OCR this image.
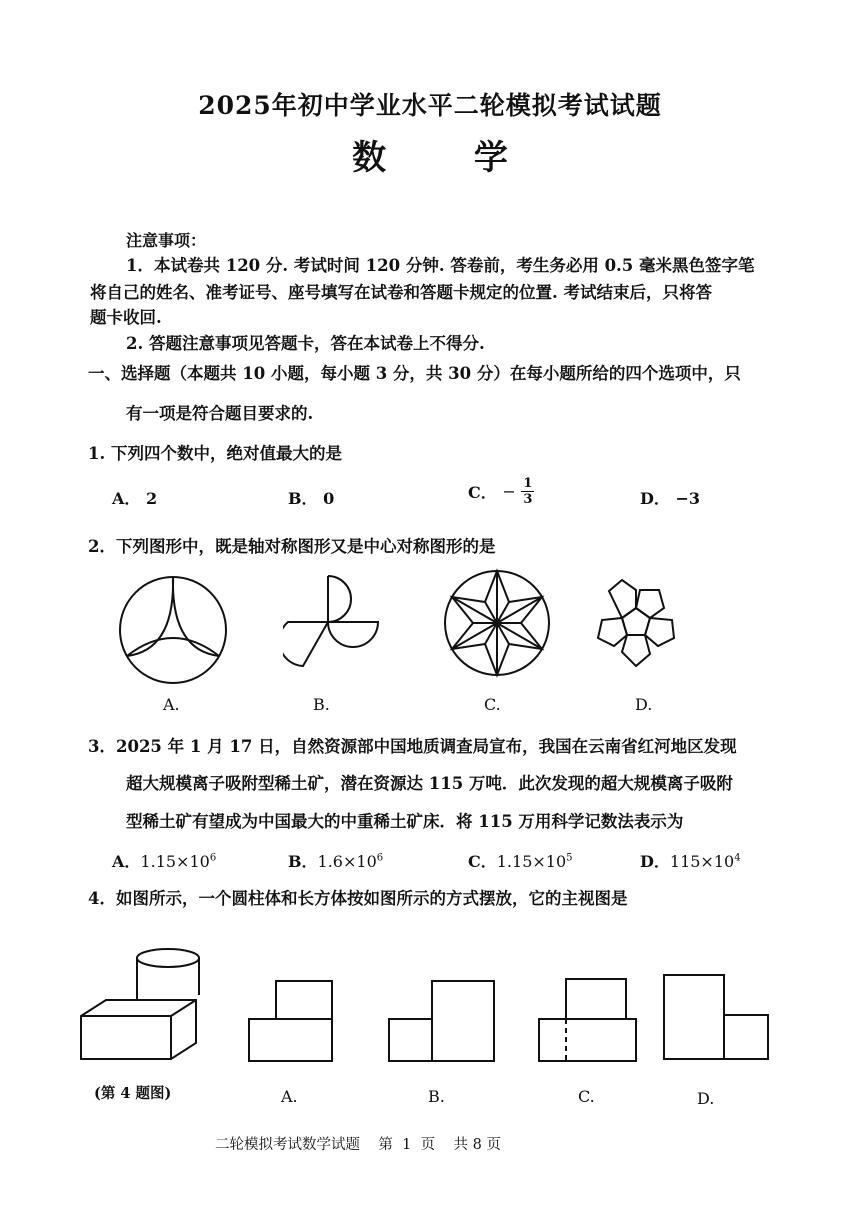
2025年初中学业水平二轮模拟考试试题
数 学
注意事项：
1．本试卷共 120 分. 考试时间 120 分钟. 答卷前，考生务必用 0.5 毫米黑色签字笔
将自己的姓名、准考证号、座号填写在试卷和答题卡规定的位置. 考试结束后，只将答
题卡收回.
2. 答题注意事项见答题卡，答在本试卷上不得分.
一、选择题（本题共 10 小题，每小题 3 分，共 30 分）在每小题所给的四个选项中，只
有一项是符合题目要求的.
1. 下列四个数中，绝对值最大的是
A． 2	B． 0	C． − $\frac{1}{3}$	D． −3
2．下列图形中，既是轴对称图形又是中心对称图形的是
A.	B.	C.	D.
3．2025 年 1 月 17 日，自然资源部中国地质调查局宣布，我国在云南省红河地区发现
超大规模离子吸附型稀土矿，潜在资源达 115 万吨．此次发现的超大规模离子吸附
型稀土矿有望成为中国最大的中重稀土矿床．将 115 万用科学记数法表示为
A．$1.15\times 10^6$	B．$1.6\times 10^6$	C．$1.15\times 10^5$	D．$115\times 10^4$
4．如图所示，一个圆柱体和长方体按如图所示的方式摆放，它的主视图是
(第 4 题图)	A.	B.	C.	D.
二轮模拟考试数学试题    第  1  页    共 8 页
